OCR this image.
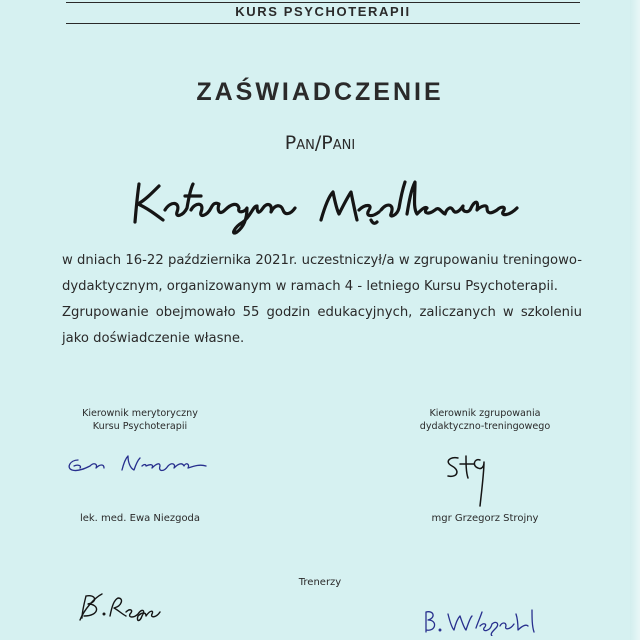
KURS PSYCHOTERAPII
ZAŚWIADCZENIE
Pan/Pani

w dniach 16-22 października 2021r. uczestniczył/a w zgrupowaniu treningowo-dydaktycznym, organizowanym w ramach 4 - letniego Kursu Psychoterapii.

Zgrupowanie obejmowało 55 godzin edukacyjnych, zaliczanych w szkoleniu jako doświadczenie własne.

Kierownik merytoryczny
Kursu Psychoterapii
lek. med. Ewa Niezgoda
Kierownik zgrupowania
dydaktyczno-treningowego
mgr Grzegorz Strojny
Trenerzy
